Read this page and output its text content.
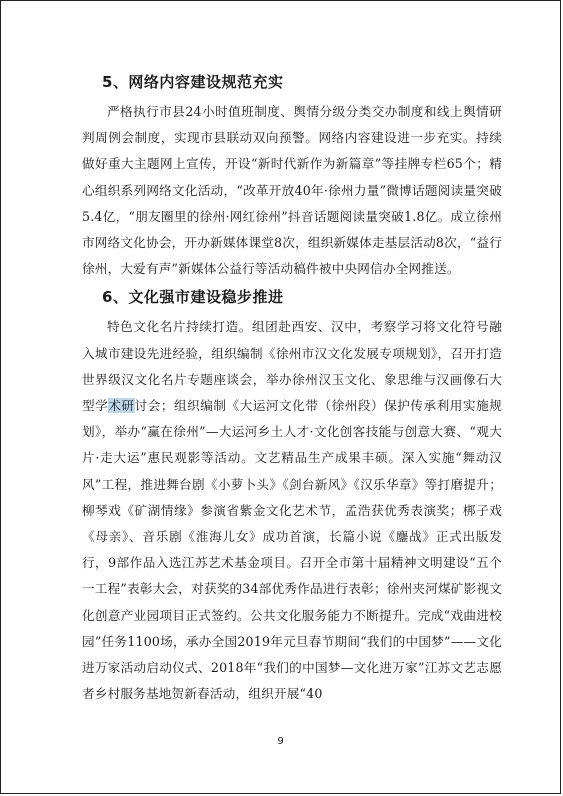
5、网络内容建设规范充实

严格执行市县24小时值班制度、舆情分级分类交办制度和线上舆情研判周例会制度，实现市县联动双向预警。网络内容建设进一步充实。持续做好重大主题网上宣传，开设“新时代新作为新篇章”等挂牌专栏65个；精心组织系列网络文化活动，“改革开放40年·徐州力量”微博话题阅读量突破5.4亿，“朋友圈里的徐州·网红徐州”抖音话题阅读量突破1.8亿。成立徐州市网络文化协会，开办新媒体课堂8次，组织新媒体走基层活动8次，“益行徐州，大爱有声”新媒体公益行等活动稿件被中央网信办全网推送。

6、文化强市建设稳步推进

特色文化名片持续打造。组团赴西安、汉中，考察学习将文化符号融入城市建设先进经验，组织编制《徐州市汉文化发展专项规划》，召开打造世界级汉文化名片专题座谈会，举办徐州汉玉文化、象思维与汉画像石大型学术研讨会；组织编制《大运河文化带（徐州段）保护传承利用实施规划》，举办“赢在徐州”—大运河乡土人才·文化创客技能与创意大赛、“观大片·走大运”惠民观影等活动。文艺精品生产成果丰硕。深入实施“舞动汉风”工程，推进舞台剧《小萝卜头》《剑台新风》《汉乐华章》等打磨提升；柳琴戏《矿湖情缘》参演省紫金文化艺术节，孟浩获优秀表演奖；梆子戏《母亲》、音乐剧《淮海儿女》成功首演，长篇小说《鏖战》正式出版发行，9部作品入选江苏艺术基金项目。召开全市第十届精神文明建设“五个一工程”表彰大会，对获奖的34部优秀作品进行表彰；徐州夹河煤矿影视文化创意产业园项目正式签约。公共文化服务能力不断提升。完成“戏曲进校园”任务1100场，承办全国2019年元旦春节期间“我们的中国梦”——文化进万家活动启动仪式、2018年“我们的中国梦—文化进万家”江苏文艺志愿者乡村服务基地贺新春活动，组织开展“40

9
